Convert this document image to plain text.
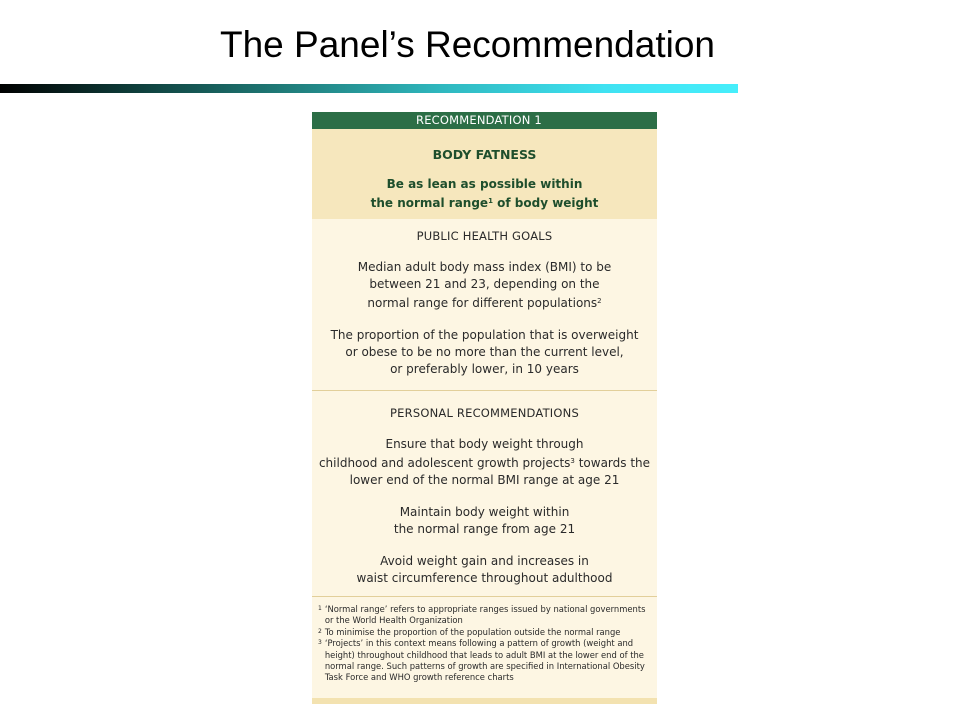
The Panel’s Recommendation
RECOMMENDATION 1
BODY FATNESS
Be as lean as possible within
the normal range$^1$ of body weight
PUBLIC HEALTH GOALS
Median adult body mass index (BMI) to be
between 21 and 23, depending on the
normal range for different populations$^2$
The proportion of the population that is overweight
or obese to be no more than the current level,
or preferably lower, in 10 years
PERSONAL RECOMMENDATIONS
Ensure that body weight through
childhood and adolescent growth projects$^3$ towards the
lower end of the normal BMI range at age 21
Maintain body weight within
the normal range from age 21
Avoid weight gain and increases in
waist circumference throughout adulthood
1 ‘Normal range’ refers to appropriate ranges issued by national governments or the World Health Organization
2 To minimise the proportion of the population outside the normal range
3 ‘Projects’ in this context means following a pattern of growth (weight and height) throughout childhood that leads to adult BMI at the lower end of the normal range. Such patterns of growth are specified in International Obesity Task Force and WHO growth reference charts
